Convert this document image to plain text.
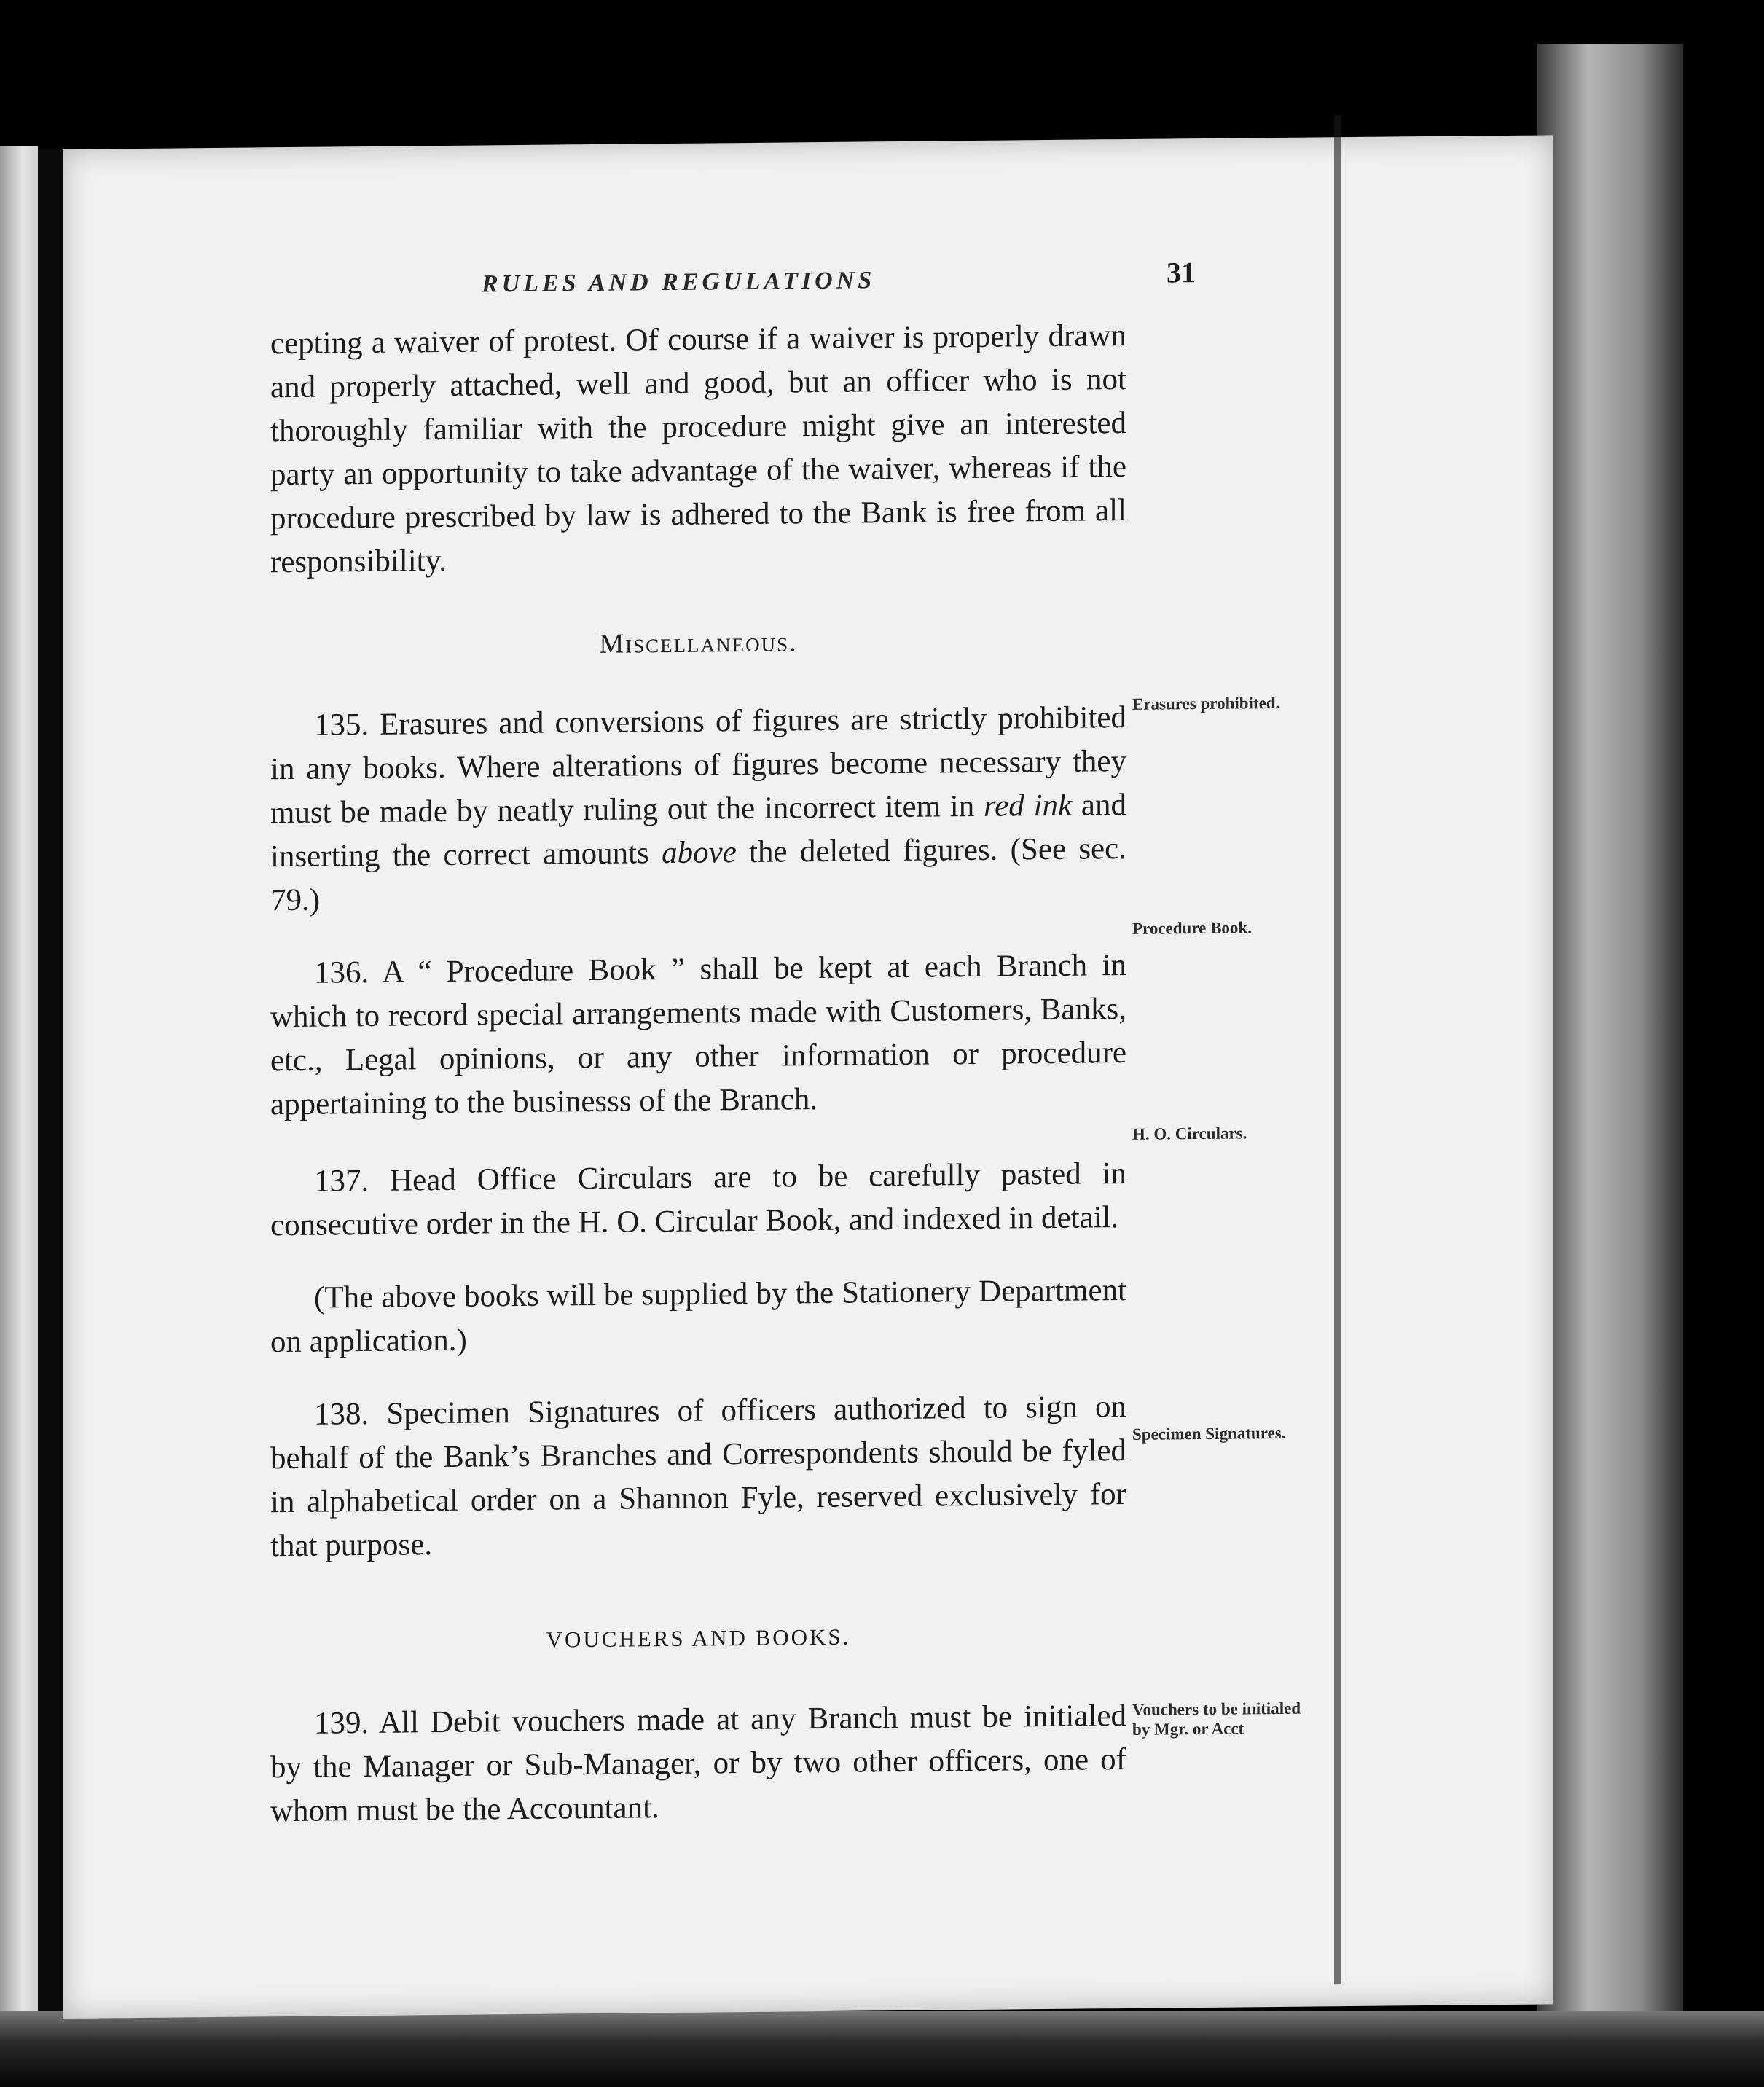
RULES AND REGULATIONS	31

cepting a waiver of protest. Of course if a waiver is properly drawn and properly attached, well and good, but an officer who is not thoroughly familiar with the procedure might give an interested party an opportunity to take advantage of the waiver, whereas if the procedure prescribed by law is adhered to the Bank is free from all responsibility.

Miscellaneous.

135. Erasures and conversions of figures are strictly prohibited in any books. Where alterations of figures become necessary they must be made by neatly ruling out the incorrect item in red ink and inserting the correct amounts above the deleted figures. (See sec. 79.)

136. A “ Procedure Book ” shall be kept at each Branch in which to record special arrangements made with Customers, Banks, etc., Legal opinions, or any other information or procedure appertaining to the businesss of the Branch.

137. Head Office Circulars are to be carefully pasted in consecutive order in the H. O. Circular Book, and indexed in detail.

(The above books will be supplied by the Stationery Department on application.)

138. Specimen Signatures of officers authorized to sign on behalf of the Bank’s Branches and Correspondents should be fyled in alphabetical order on a Shannon Fyle, reserved exclusively for that purpose.

VOUCHERS AND BOOKS.

139. All Debit vouchers made at any Branch must be initialed by the Manager or Sub-Manager, or by two other officers, one of whom must be the Accountant.

Erasures prohibited.
Procedure Book.
H. O. Circulars.
Specimen Signatures.
Vouchers to be initialed by Mgr. or Acct
